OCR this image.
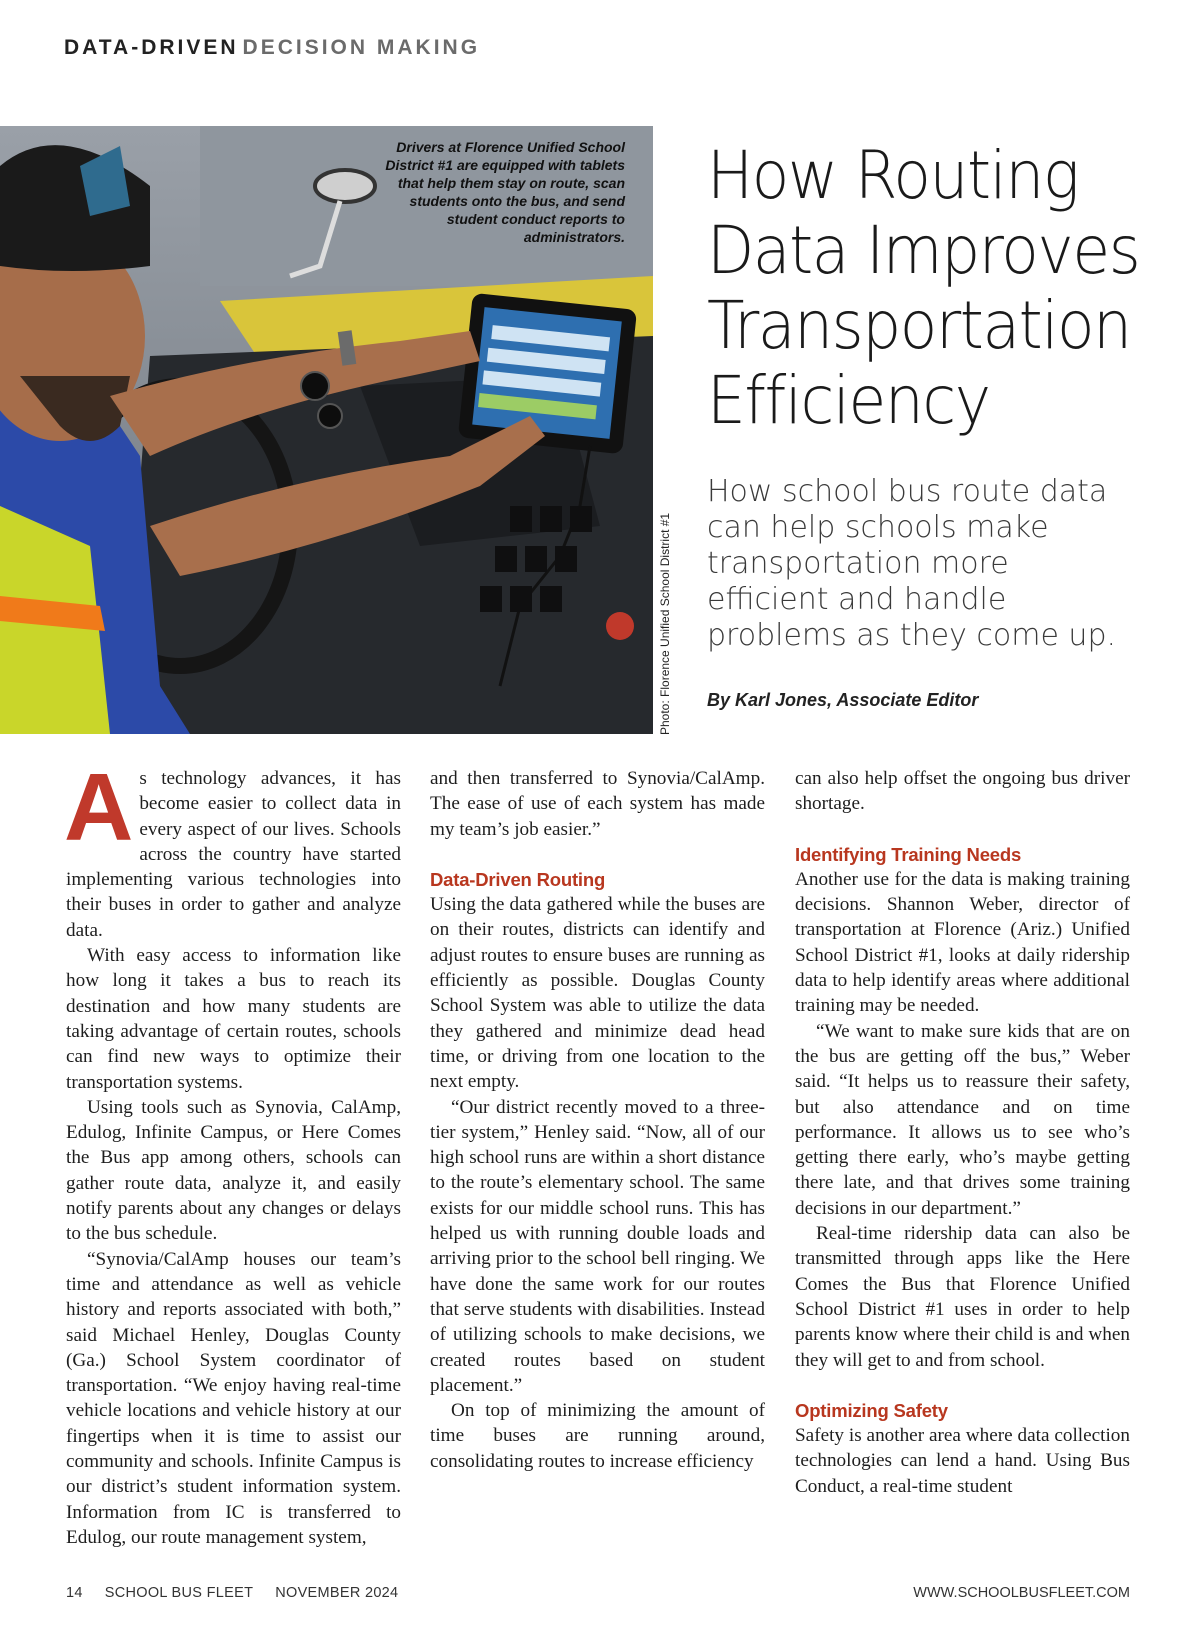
DATA-DRIVEN DECISION MAKING
Drivers at Florence Unified School District #1 are equipped with tablets that help them stay on route, scan students onto the bus, and send student conduct reports to administrators.
Photo: Florence Unified School District #1
How Routing Data Improves Transportation Efficiency
How school bus route data can help schools make transportation more efficient and handle problems as they come up.
By Karl Jones, Associate Editor

As technology advances, it has become easier to collect data in every aspect of our lives. Schools across the country have started implementing various technologies into their buses in order to gather and analyze data.

With easy access to information like how long it takes a bus to reach its destination and how many students are taking advantage of certain routes, schools can find new ways to optimize their transportation systems.

Using tools such as Synovia, CalAmp, Edulog, Infinite Campus, or Here Comes the Bus app among others, schools can gather route data, analyze it, and easily notify parents about any changes or delays to the bus schedule.

“Synovia/CalAmp houses our team’s time and attendance as well as vehicle history and reports associated with both,” said Michael Henley, Douglas County (Ga.) School System coordinator of transportation. “We enjoy having real-time vehicle locations and vehicle history at our fingertips when it is time to assist our community and schools. Infinite Campus is our district’s student information system. Information from IC is transferred to Edulog, our route management system,

and then transferred to Synovia/CalAmp. The ease of use of each system has made my team’s job easier.”

Data-Driven Routing

Using the data gathered while the buses are on their routes, districts can identify and adjust routes to ensure buses are running as efficiently as possible. Douglas County School System was able to utilize the data they gathered and minimize dead head time, or driving from one location to the next empty.

“Our district recently moved to a three-tier system,” Henley said. “Now, all of our high school runs are within a short distance to the route’s elementary school. The same exists for our middle school runs. This has helped us with running double loads and arriving prior to the school bell ringing. We have done the same work for our routes that serve students with disabilities. Instead of utilizing schools to make decisions, we created routes based on student placement.”

On top of minimizing the amount of time buses are running around, consolidating routes to increase efficiency

can also help offset the ongoing bus driver shortage.

Identifying Training Needs

Another use for the data is making training decisions. Shannon Weber, director of transportation at Florence (Ariz.) Unified School District #1, looks at daily ridership data to help identify areas where additional training may be needed.

“We want to make sure kids that are on the bus are getting off the bus,” Weber said. “It helps us to reassure their safety, but also attendance and on time performance. It allows us to see who’s getting there early, who’s maybe getting there late, and that drives some training decisions in our department.”

Real-time ridership data can also be transmitted through apps like the Here Comes the Bus that Florence Unified School District #1 uses in order to help parents know where their child is and when they will get to and from school.

Optimizing Safety

Safety is another area where data collection technologies can lend a hand. Using Bus Conduct, a real-time student

14 SCHOOL BUS FLEET NOVEMBER 2024	WWW.SCHOOLBUSFLEET.COM
